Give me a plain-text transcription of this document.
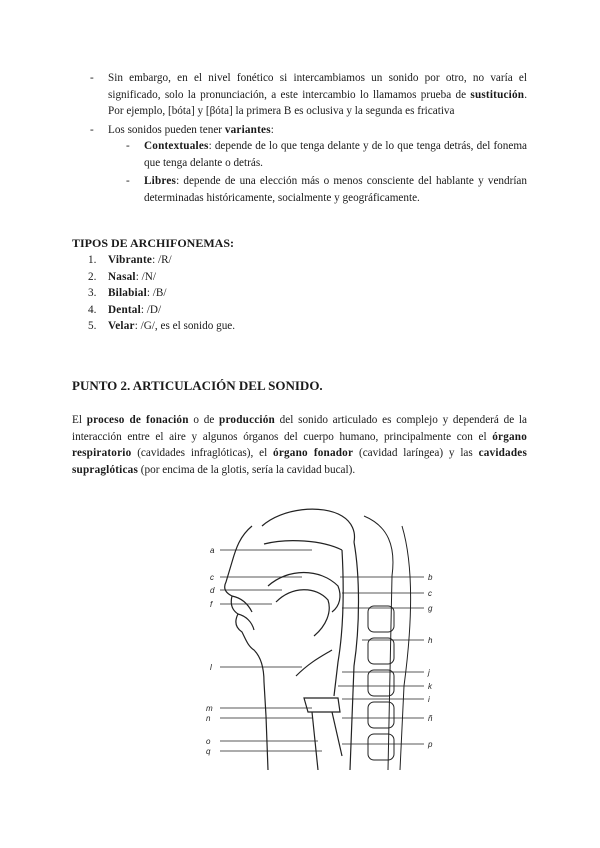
- Sin embargo, en el nivel fonético si intercambiamos un sonido por otro, no varía el significado, solo la pronunciación, a este intercambio lo llamamos prueba de sustitución. Por ejemplo, [bóta] y [βóta] la primera B es oclusiva y la segunda es fricativa

- Los sonidos pueden tener variantes:

- Contextuales: depende de lo que tenga delante y de lo que tenga detrás, del fonema que tenga delante o detrás.

- Libres: depende de una elección más o menos consciente del hablante y vendrían determinadas históricamente, socialmente y geográficamente.

TIPOS DE ARCHIFONEMAS:
1. Vibrante: /R/
2. Nasal: /N/
3. Bilabial: /B/
4. Dental: /D/
5. Velar: /G/, es el sonido gue.
PUNTO 2. ARTICULACIÓN DEL SONIDO.

El proceso de fonación o de producción del sonido articulado es complejo y dependerá de la interacción entre el aire y algunos órganos del cuerpo humano, principalmente con el órgano respiratorio (cavidades infraglóticas), el órgano fonador (cavidad laríngea) y las cavidades supraglóticas (por encima de la glotis, sería la cavidad bucal).

a
c
d
f
l
m
n
o
q
b
c
g
h
j
k
i
ñ
p
